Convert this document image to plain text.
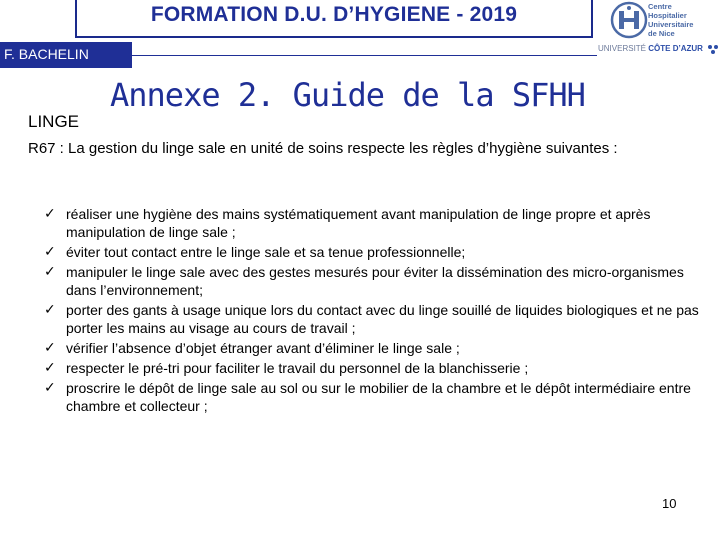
FORMATION D.U. D’HYGIENE - 2019
F. BACHELIN
Centre
Hospitalier
Universitaire
de Nice
UNIVERSITÉ CÔTE D’AZUR
Annexe 2. Guide de la SFHH
LINGE
R67 : La gestion du linge sale en unité de soins respecte les règles d’hygiène suivantes :
✓ réaliser une hygiène des mains systématiquement avant manipulation de linge propre et après manipulation de linge sale ;
✓ éviter tout contact entre le linge sale et sa tenue professionnelle;
✓ manipuler le linge sale avec des gestes mesurés pour éviter la dissémination des micro-organismes dans l’environnement;
✓ porter des gants à usage unique lors du contact avec du linge souillé de liquides biologiques et ne pas porter les mains au visage au cours de travail ;
✓ vérifier l’absence d’objet étranger avant d’éliminer le linge sale ;
✓ respecter le pré-tri pour faciliter le travail du personnel de la blanchisserie ;
✓ proscrire le dépôt de linge sale au sol ou sur le mobilier de la chambre et le dépôt intermédiaire entre chambre et collecteur ;
10
